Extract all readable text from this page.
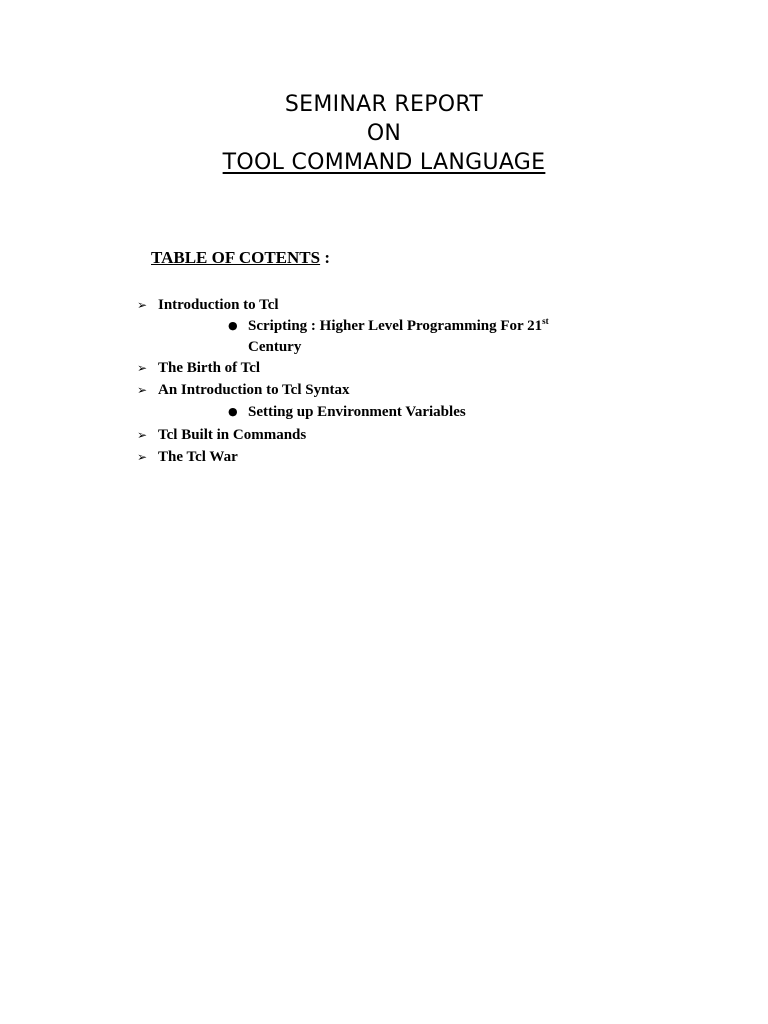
SEMINAR REPORT
ON
TOOL COMMAND LANGUAGE
TABLE OF COTENTS :
➢ Introduction to Tcl
● Scripting : Higher Level Programming For 21st
Century
➢ The Birth of Tcl
➢ An Introduction to Tcl Syntax
● Setting up Environment Variables
➢ Tcl Built in Commands
➢ The Tcl War
